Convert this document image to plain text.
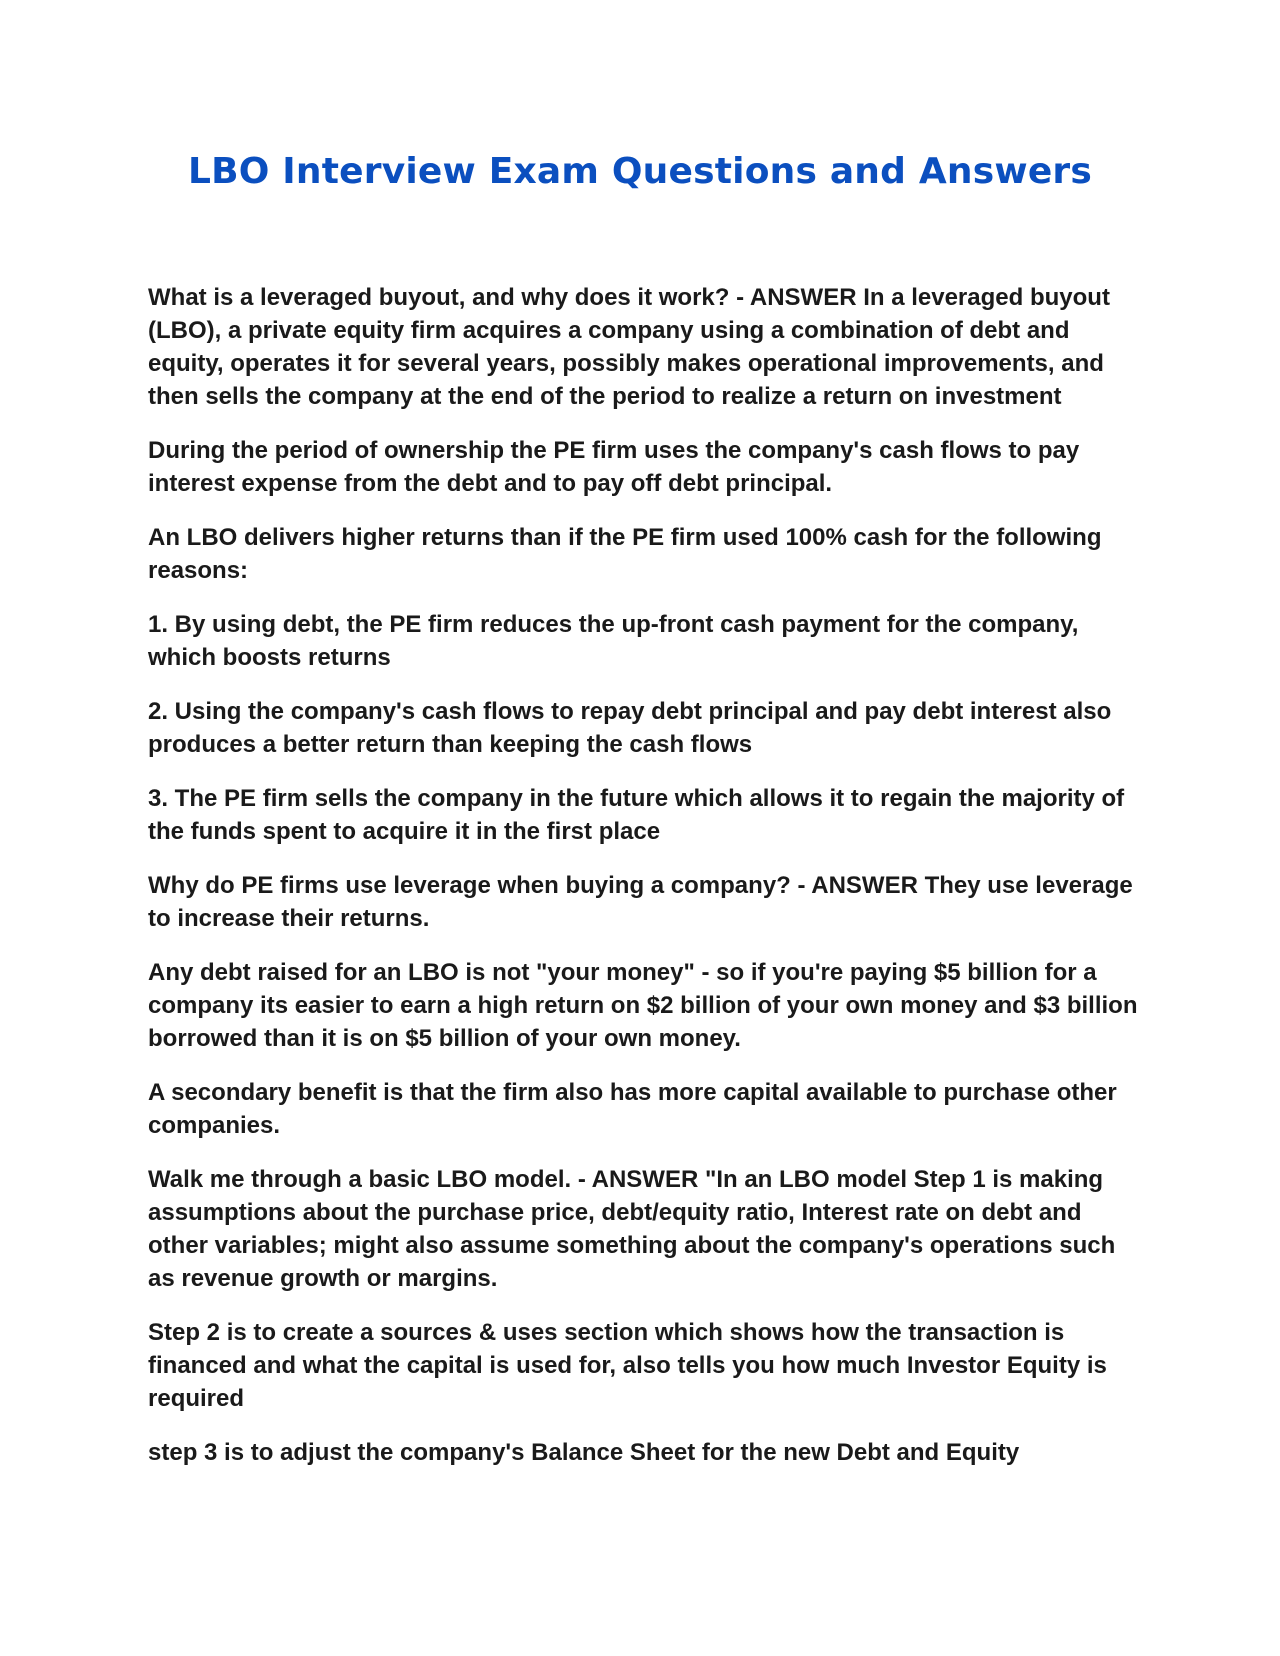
LBO Interview Exam Questions and Answers

What is a leveraged buyout, and why does it work? - ANSWER In a leveraged buyout (LBO), a private equity firm acquires a company using a combination of debt and equity, operates it for several years, possibly makes operational improvements, and then sells the company at the end of the period to realize a return on investment

During the period of ownership the PE firm uses the company's cash flows to pay interest expense from the debt and to pay off debt principal.

An LBO delivers higher returns than if the PE firm used 100% cash for the following reasons:

1. By using debt, the PE firm reduces the up-front cash payment for the company, which boosts returns

2. Using the company's cash flows to repay debt principal and pay debt interest also produces a better return than keeping the cash flows

3. The PE firm sells the company in the future which allows it to regain the majority of the funds spent to acquire it in the first place

Why do PE firms use leverage when buying a company? - ANSWER They use leverage to increase their returns.

Any debt raised for an LBO is not "your money" - so if you're paying $5 billion for a company its easier to earn a high return on $2 billion of your own money and $3 billion borrowed than it is on $5 billion of your own money.

A secondary benefit is that the firm also has more capital available to purchase other companies.

Walk me through a basic LBO model. - ANSWER "In an LBO model Step 1 is making assumptions about the purchase price, debt/equity ratio, Interest rate on debt and other variables; might also assume something about the company's operations such as revenue growth or margins.

Step 2 is to create a sources & uses section which shows how the transaction is financed and what the capital is used for, also tells you how much Investor Equity is required

step 3 is to adjust the company's Balance Sheet for the new Debt and Equity
